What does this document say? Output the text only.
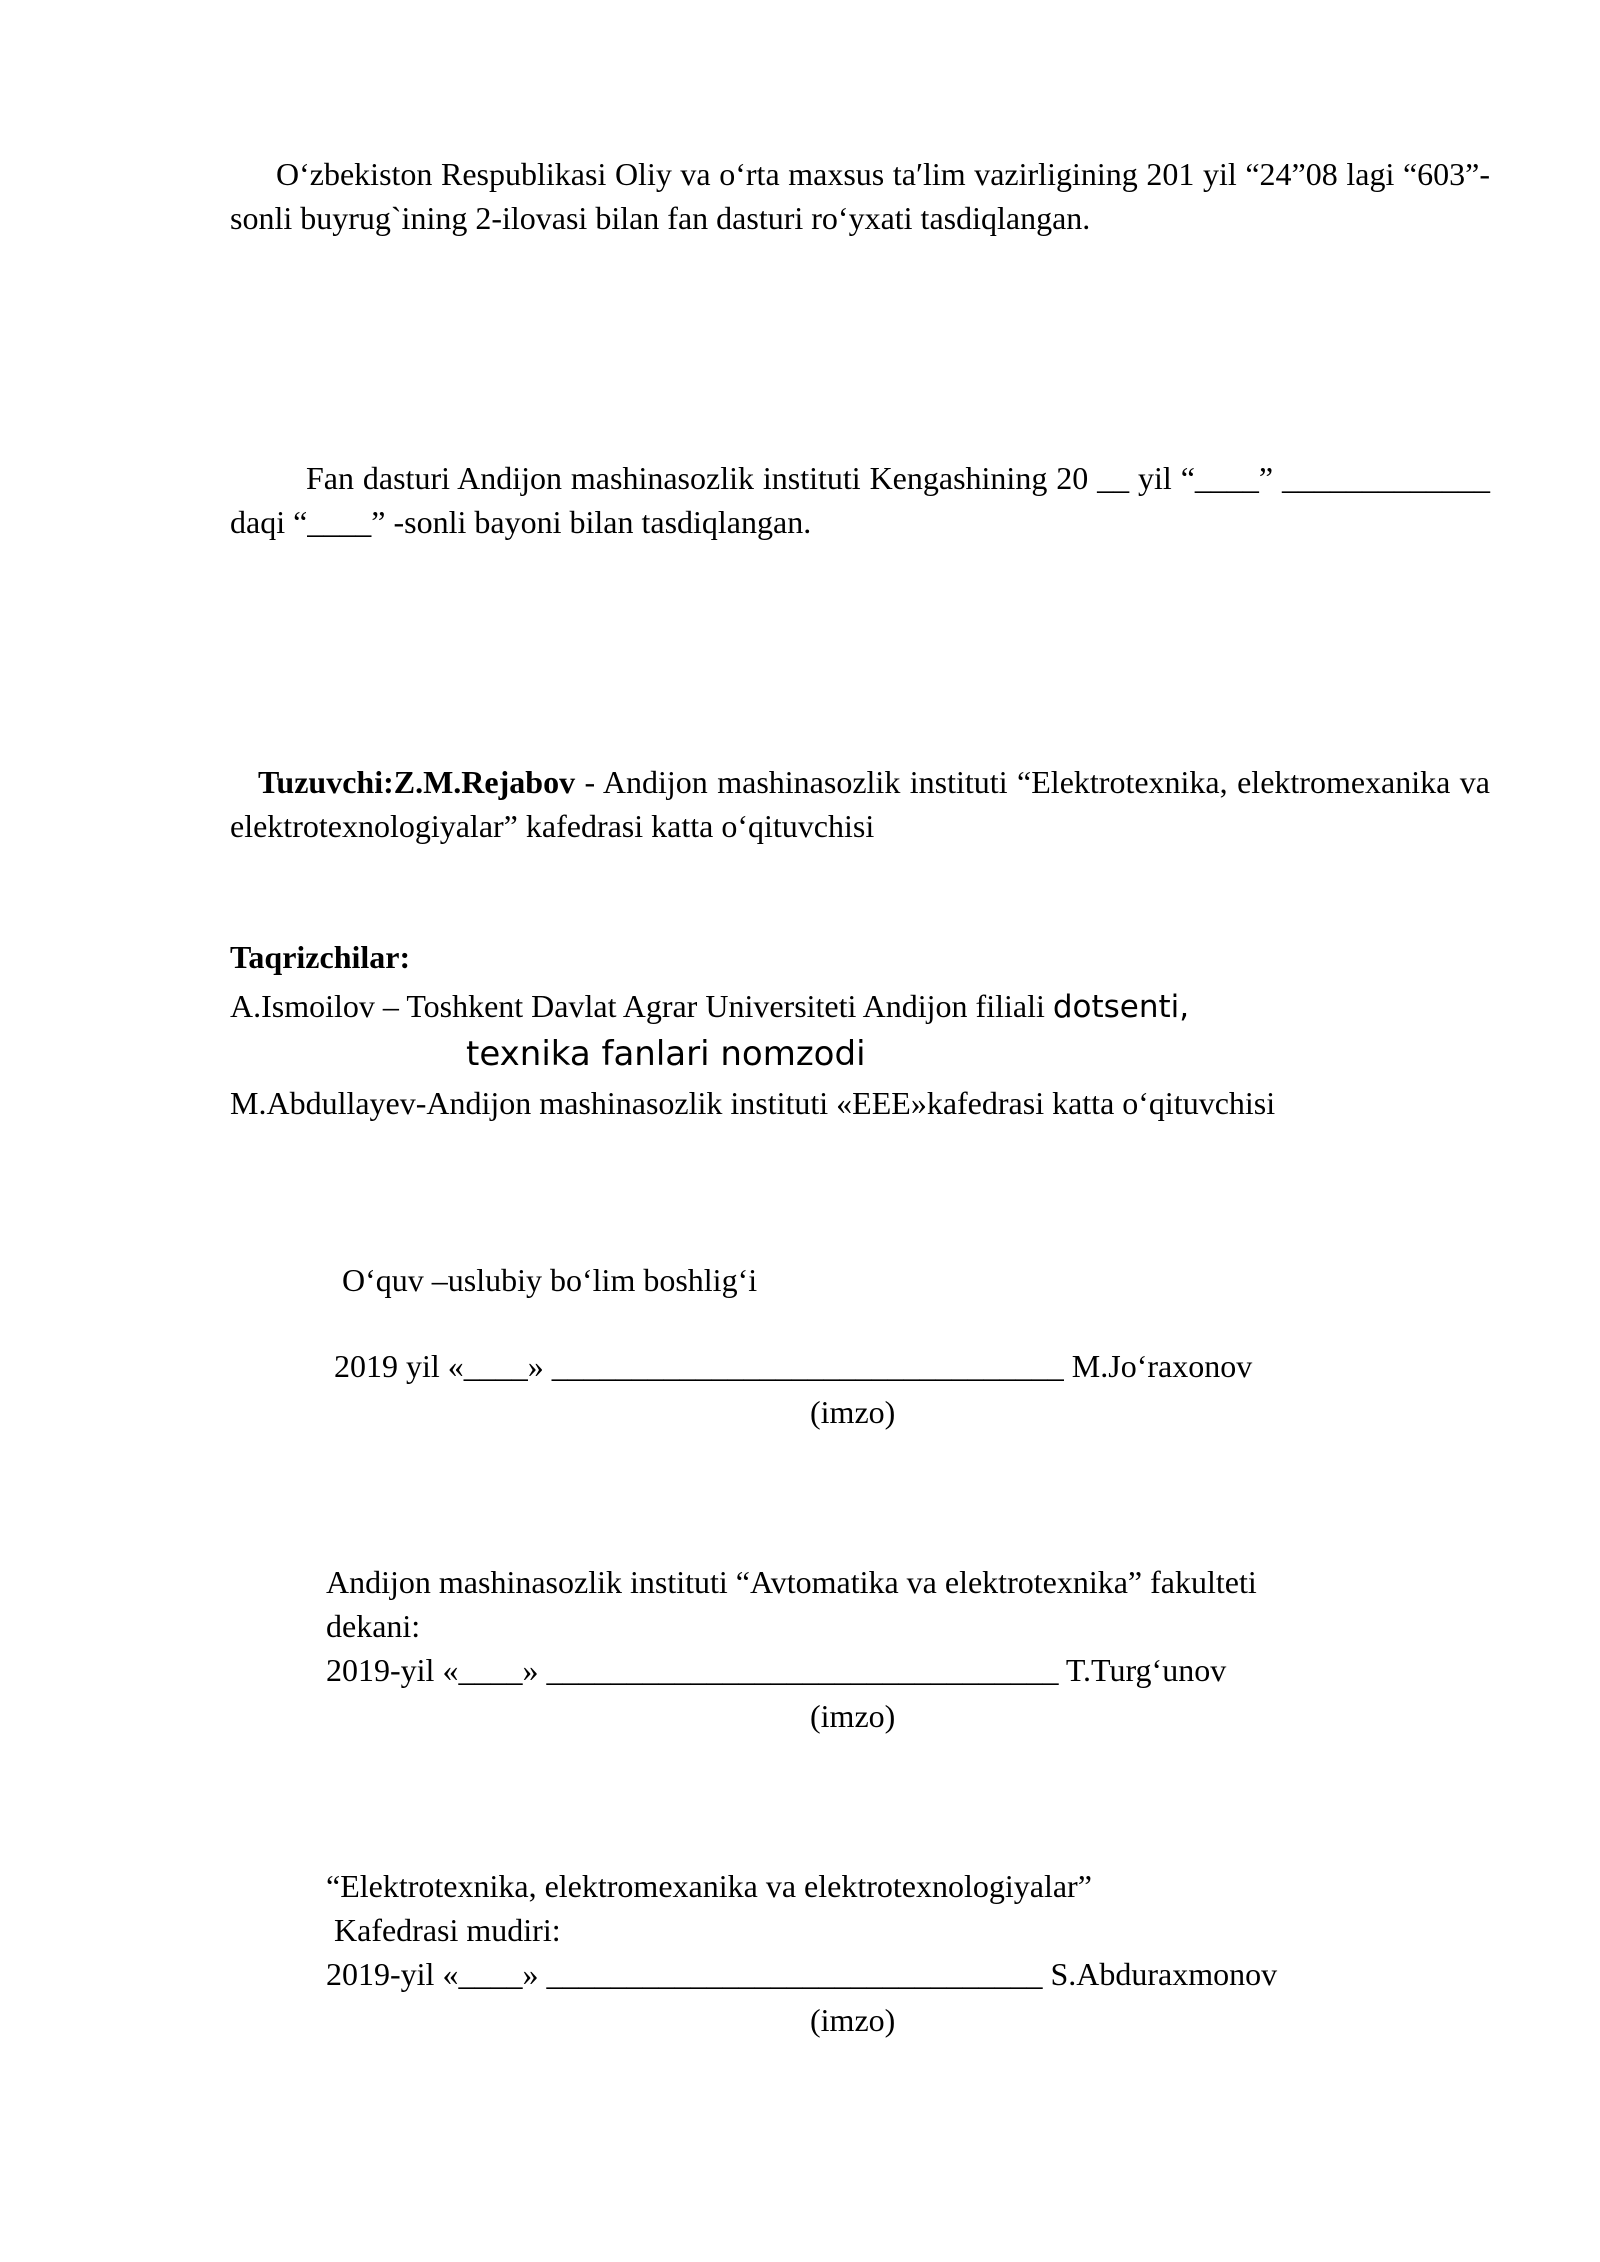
O‘zbekiston Respublikasi Oliy va o‘rta maxsus taʹlim vazirligining 201 yil “24”08 lagi “603”-sonli buyrug`ining 2-ilovasi bilan fan dasturi ro‘yxati tasdiqlangan.
Fan dasturi Andijon mashinasozlik instituti Kengashining 20 __ yil “____” _____________ daqi “____” -sonli bayoni bilan tasdiqlangan.
Tuzuvchi:Z.M.Rejabov - Andijon mashinasozlik instituti “Elektrotexnika, elektromexanika va elektrotexnologiyalar” kafedrasi katta o‘qituvchisi
Taqrizchilar:
A.Ismoilov – Toshkent Davlat Agrar Universiteti Andijon filiali dotsenti,
texnika fanlari nomzodi
M.Abdullayev-Andijon mashinasozlik instituti «EEE»kafedrasi katta o‘qituvchisi
O‘quv –uslubiy bo‘lim boshlig‘i
2019 yil «____» ________________________________ M.Jo‘raxonov
(imzo)
Andijon mashinasozlik instituti “Avtomatika va elektrotexnika” fakulteti
dekani:
2019-yil «____» ________________________________ T.Turg‘unov
(imzo)
“Elektrotexnika, elektromexanika va elektrotexnologiyalar”
Kafedrasi mudiri:
2019-yil «____» _______________________________ S.Abduraxmonov
(imzo)
